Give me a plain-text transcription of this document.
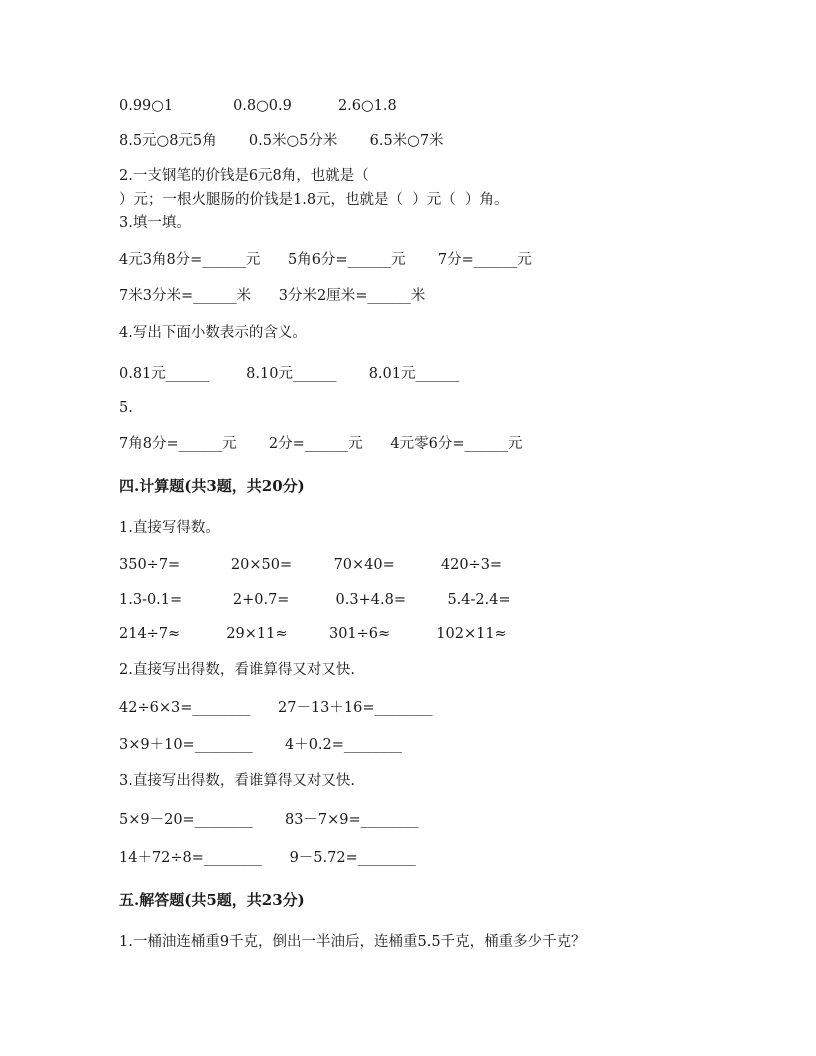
0.99○1             0.8○0.9          2.6○1.8
8.5元○8元5角       0.5米○5分米       6.5米○7米
2.一支钢笔的价钱是6元8角，也就是（
）元；一根火腿肠的价钱是1.8元，也就是（  ）元（  ）角。
3.填一填。
4元3角8分=______元      5角6分=______元       7分=______元
7米3分米=______米      3分米2厘米=______米
4.写出下面小数表示的含义。
0.81元______        8.10元______       8.01元______
5.
7角8分=______元       2分=______元      4元零6分=______元
四.计算题(共3题，共20分)
1.直接写得数。
350÷7=           20×50=         70×40=          420÷3=
1.3-0.1=           2+0.7=          0.3+4.8=         5.4-2.4=
214÷7≈          29×11≈         301÷6≈          102×11≈
2.直接写出得数，看谁算得又对又快.
42÷6×3=________      27－13＋16=________
3×9＋10=________       4＋0.2=________
3.直接写出得数，看谁算得又对又快.
5×9－20=________       83－7×9=________
14＋72÷8=________      9－5.72=________
五.解答题(共5题，共23分)
1.一桶油连桶重9千克，倒出一半油后，连桶重5.5千克，桶重多少千克？
